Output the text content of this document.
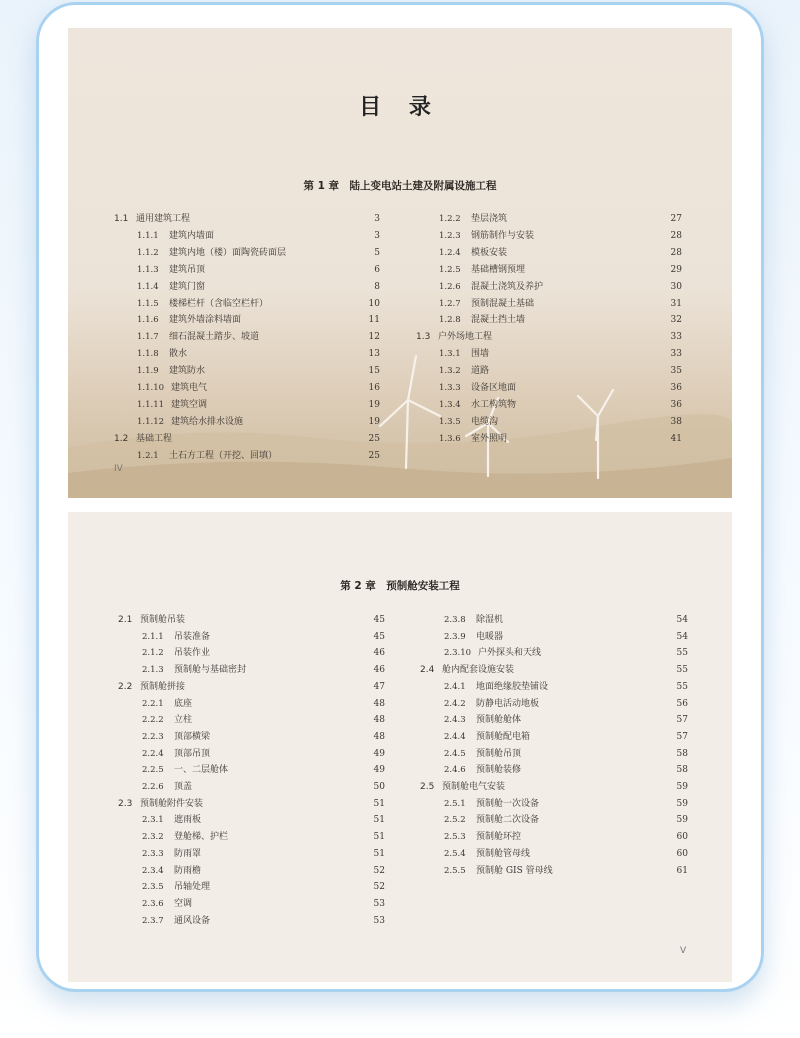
目 录
第 1 章　陆上变电站土建及附属设施工程
IV
1.1 通用建筑工程	3
1.1.1	建筑内墙面	3
1.1.2	建筑内地（楼）面陶瓷砖面层	5
1.1.3	建筑吊顶	6
1.1.4	建筑门窗	8
1.1.5	楼梯栏杆（含临空栏杆）	10
1.1.6	建筑外墙涂料墙面	11
1.1.7	细石混凝土踏步、坡道	12
1.1.8	散水	13
1.1.9	建筑防水	15
1.1.10 建筑电气	16
1.1.11 建筑空调	19
1.1.12 建筑给水排水设施	19
1.2 基础工程	25
1.2.1	土石方工程（开挖、回填）	25
1.2.2	垫层浇筑	27
1.2.3	钢筋制作与安装	28
1.2.4	模板安装	28
1.2.5	基础槽钢预埋	29
1.2.6	混凝土浇筑及养护	30
1.2.7	预制混凝土基础	31
1.2.8	混凝土挡土墙	32
1.3 户外场地工程	33
1.3.1	围墙	33
1.3.2	道路	35
1.3.3	设备区地面	36
1.3.4	水工构筑物	36
1.3.5	电缆沟	38
1.3.6	室外照明	41
第 2 章　预制舱安装工程
V
2.1 预制舱吊装	45
2.1.1	吊装准备	45
2.1.2	吊装作业	46
2.1.3	预制舱与基础密封	46
2.2 预制舱拼接	47
2.2.1	底座	48
2.2.2	立柱	48
2.2.3	顶部横梁	48
2.2.4	顶部吊顶	49
2.2.5	一、二层舱体	49
2.2.6	顶盖	50
2.3 预制舱附件安装	51
2.3.1	遮雨板	51
2.3.2	登舱梯、护栏	51
2.3.3	防雨罩	51
2.3.4	防雨檐	52
2.3.5	吊轴处理	52
2.3.6	空调	53
2.3.7	通风设备	53
2.3.8	除湿机	54
2.3.9	电暖器	54
2.3.10 户外探头和天线	55
2.4 舱内配套设施安装	55
2.4.1	地面绝缘胶垫铺设	55
2.4.2	防静电活动地板	56
2.4.3	预制舱舱体	57
2.4.4	预制舱配电箱	57
2.4.5	预制舱吊顶	58
2.4.6	预制舱装修	58
2.5 预制舱电气安装	59
2.5.1	预制舱一次设备	59
2.5.2	预制舱二次设备	59
2.5.3	预制舱环控	60
2.5.4	预制舱管母线	60
2.5.5	预制舱 GIS 管母线	61
